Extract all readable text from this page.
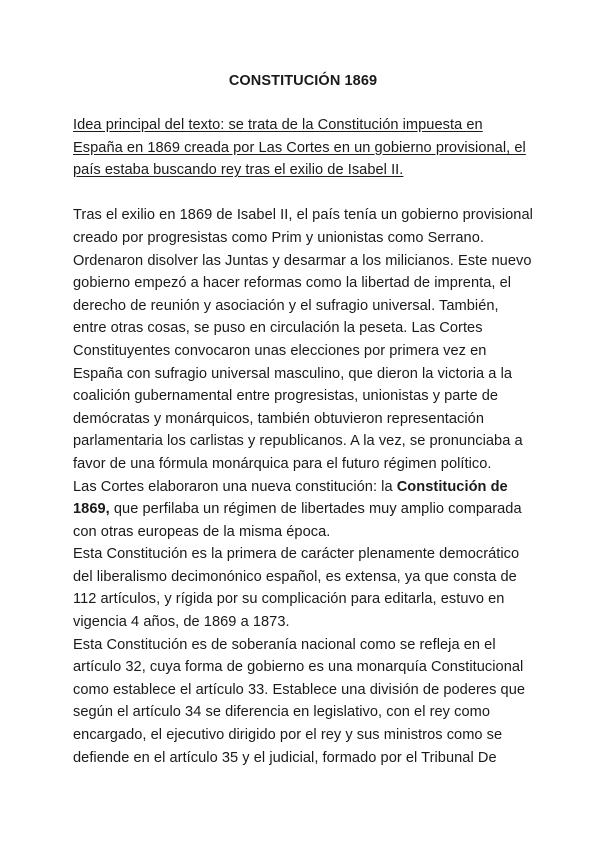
CONSTITUCIÓN 1869

Idea principal del texto: se trata de la Constitución impuesta en España en 1869 creada por Las Cortes en un gobierno provisional, el país estaba buscando rey tras el exilio de Isabel II.

Tras el exilio en 1869 de Isabel II, el país tenía un gobierno provisional creado por progresistas como Prim y unionistas como Serrano. Ordenaron disolver las Juntas y desarmar a los milicianos. Este nuevo gobierno empezó a hacer reformas como la libertad de imprenta, el derecho de reunión y asociación y el sufragio universal. También, entre otras cosas, se puso en circulación la peseta. Las Cortes Constituyentes convocaron unas elecciones por primera vez en España con sufragio universal masculino, que dieron la victoria a la coalición gubernamental entre progresistas, unionistas y parte de demócratas y monárquicos, también obtuvieron representación parlamentaria los carlistas y republicanos. A la vez, se pronunciaba a favor de una fórmula monárquica para el futuro régimen político.

Las Cortes elaboraron una nueva constitución: la Constitución de 1869, que perfilaba un régimen de libertades muy amplio comparada con otras europeas de la misma época.

Esta Constitución es la primera de carácter plenamente democrático del liberalismo decimonónico español, es extensa, ya que consta de 112 artículos, y rígida por su complicación para editarla, estuvo en vigencia 4 años, de 1869 a 1873.

Esta Constitución es de soberanía nacional como se refleja en el artículo 32, cuya forma de gobierno es una monarquía Constitucional como establece el artículo 33. Establece una división de poderes que según el artículo 34 se diferencia en legislativo, con el rey como encargado, el ejecutivo dirigido por el rey y sus ministros como se defiende en el artículo 35 y el judicial, formado por el Tribunal De
